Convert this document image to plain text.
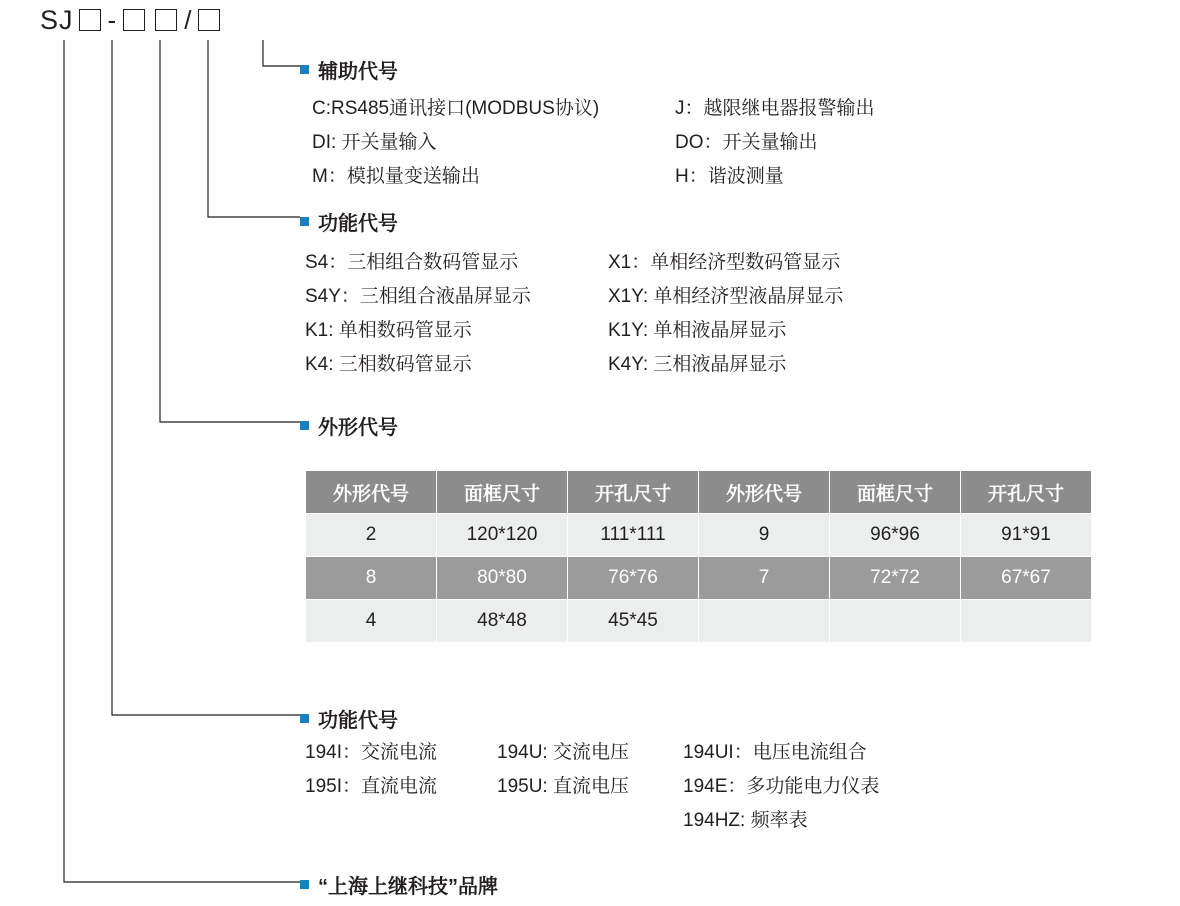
SJ -	/
辅助代号
C:RS485通讯接口(MODBUS协议)
DI: 开关量输入
M：模拟量变送输出
J：越限继电器报警输出
DO：开关量输出
H：谐波测量
功能代号
S4：三相组合数码管显示
S4Y：三相组合液晶屏显示
K1: 单相数码管显示
K4: 三相数码管显示
X1：单相经济型数码管显示
X1Y: 单相经济型液晶屏显示
K1Y: 单相液晶屏显示
K4Y: 三相液晶屏显示
外形代号
外形代号	面框尺寸	开孔尺寸	外形代号	面框尺寸	开孔尺寸
2	120*120	111*111	9	96*96	91*91
8	80*80	76*76	7	72*72	67*67
4	48*48	45*45			
功能代号
194I：交流电流
195I：直流电流
194U: 交流电压
195U: 直流电压
194UI：电压电流组合
194E：多功能电力仪表
194HZ: 频率表
“上海上继科技”品牌
